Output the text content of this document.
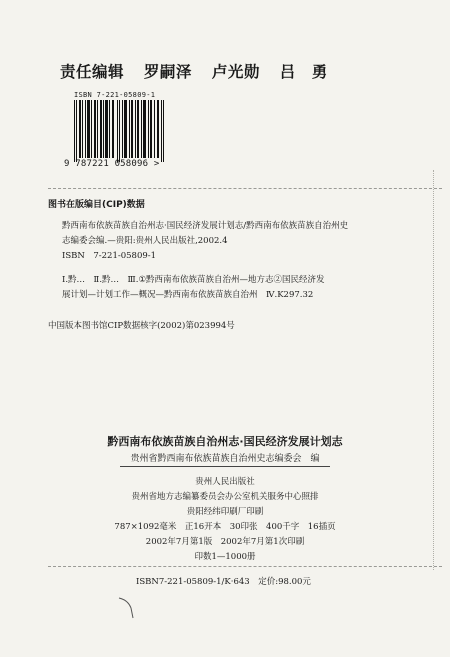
责任编辑 罗嗣泽 卢光勋 吕　勇
ISBN 7-221-05809-1
9 787221 058096 >
图书在版编目(CIP)数据
黔西南布依族苗族自治州志·国民经济发展计划志/黔西南布依族苗族自治州史
志编委会编.—贵阳:贵州人民出版社,2002.4
ISBN　7-221-05809-1
Ⅰ.黔…　Ⅱ.黔…　Ⅲ.①黔西南布依族苗族自治州—地方志②国民经济发
展计划—计划工作—概况—黔西南布依族苗族自治州　Ⅳ.K297.32
中国版本图书馆CIP数据核字(2002)第023994号
黔西南布依族苗族自治州志·国民经济发展计划志
贵州省黔西南布依族苗族自治州史志编委会　编
贵州人民出版社
贵州省地方志编纂委员会办公室机关服务中心照排
贵阳经纬印刷厂印刷
787×1092毫米　正16开本　30印张　400千字　16插页
2002年7月第1版　2002年7月第1次印刷
印数1—1000册
ISBN7-221-05809-1/K·643　定价:98.00元
